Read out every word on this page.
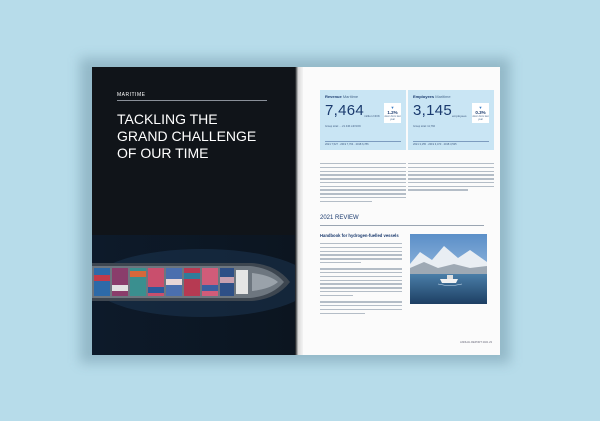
MARITIME
TACKLING THE
GRAND CHALLENGE
OF OUR TIME
Revenue Maritime
7,464 million NOK
▼
1.2%
down from last year
Group total: ... 21 446 mill NOK
2021 7,527 · 2019 7,764 · 2018 6,786
Employees Maritime
3,145 employees
▼
0.3%
down from last year
Group total: 11,760
2021 3,155 · 2019 3,473 · 2018 3,535
2021 REVIEW
Handbook for hydrogen-fuelled vessels
ANNUAL REPORT 2021 23
